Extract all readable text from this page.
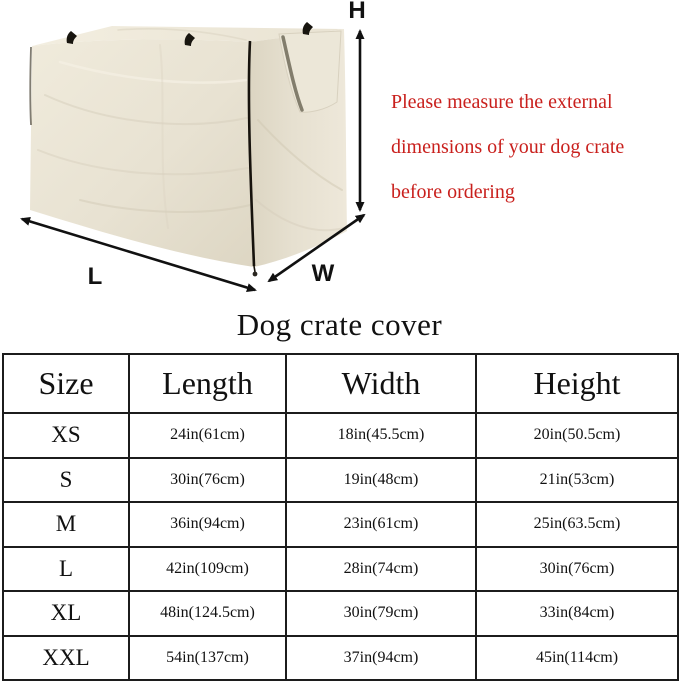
H
L	W
Please measure the external
dimensions of your dog crate
before ordering
Dog crate cover
Size	Length	Width	Height
XS	24in(61cm)	18in(45.5cm)	20in(50.5cm)
S	30in(76cm)	19in(48cm)	21in(53cm)
M	36in(94cm)	23in(61cm)	25in(63.5cm)
L	42in(109cm)	28in(74cm)	30in(76cm)
XL	48in(124.5cm)	30in(79cm)	33in(84cm)
XXL	54in(137cm)	37in(94cm)	45in(114cm)
